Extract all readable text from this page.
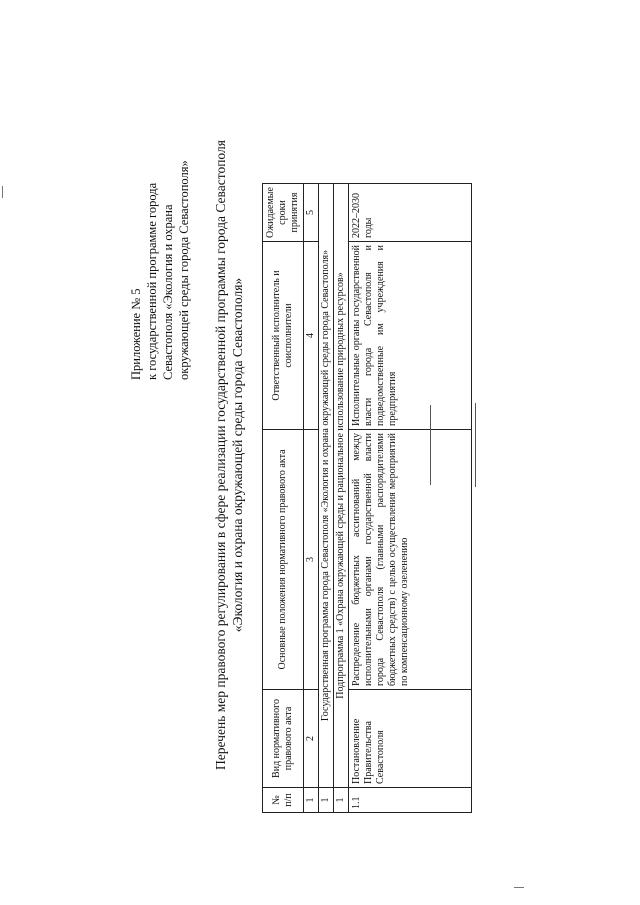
Приложение № 5 к государственной программе города Севастополя «Экология и охрана окружающей среды города Севастополя» Перечень мер правового регулирования в сфере реализации государственной программы города Севастополя «Экология и охрана окружающей среды города Севастополя»
№ п/п	Вид нормативного правового акта	Основные положения нормативного правового акта	Ответственный исполнитель и соисполнители	Ожидаемые сроки принятия
1	2	3	4	5
1	Государственная программа города Севастополя «Экология и охрана окружающей среды города Севастополя»			
1	Подпрограмма 1 «Охрана окружающей среды и рациональное использование природных ресурсов»			
1.1	Постановление Правительства Севастополя	Распределение бюджетных ассигнований между исполнительными органами государственной власти города Севастополя (главными распорядителями бюджетных средств) с целью осуществления мероприятий по компенсационному озеленению	Исполнительные органы государственной власти города Севастополя и подведомственные им учреждения и предприятия	2022–2030 годы
